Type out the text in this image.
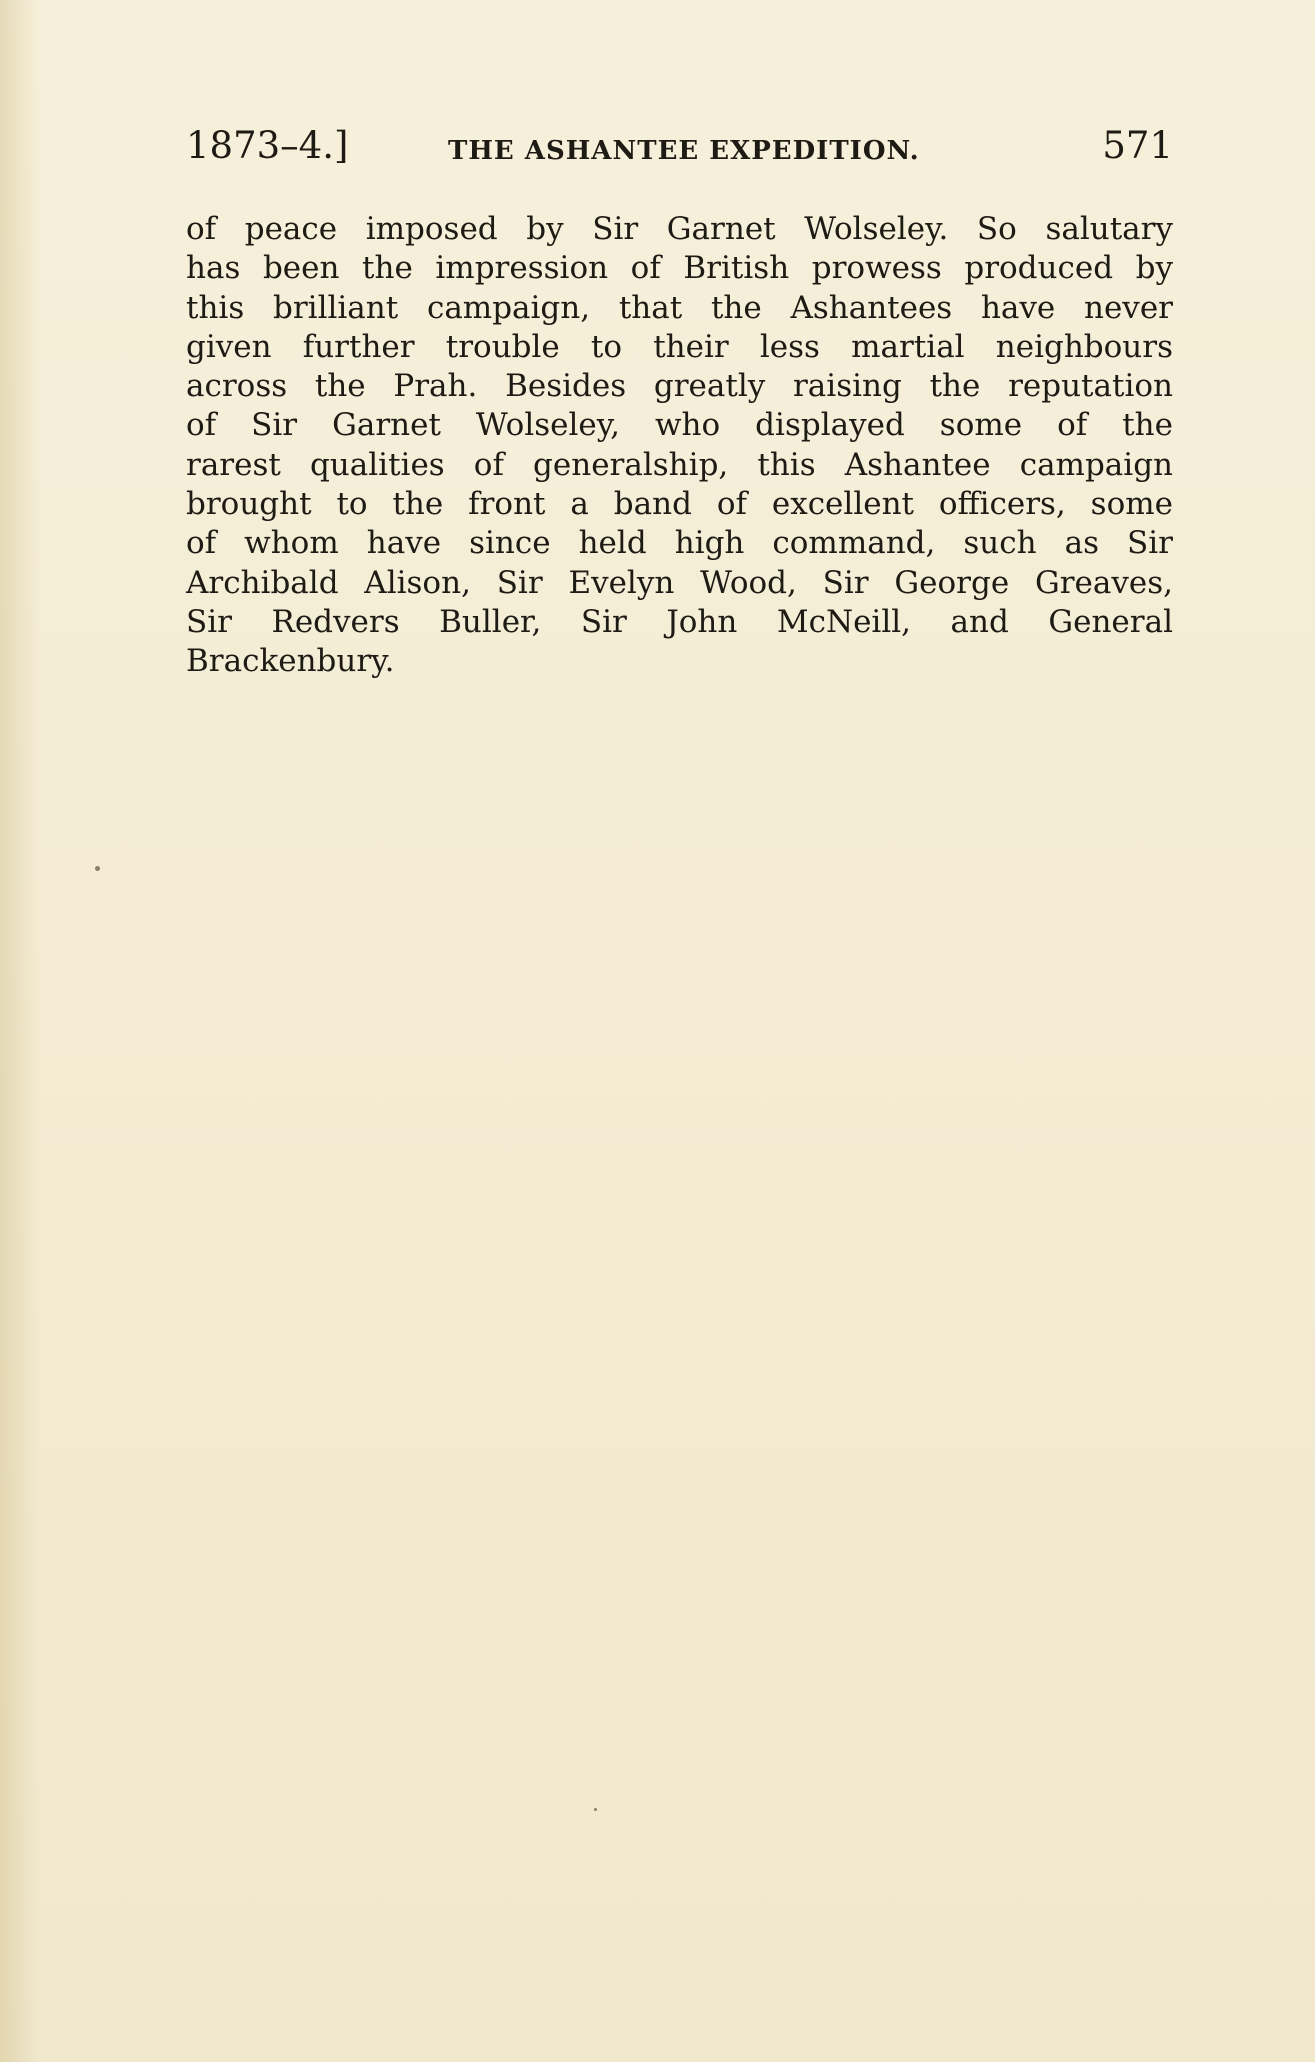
1873–4.]	THE ASHANTEE EXPEDITION.	571
of peace imposed by Sir Garnet Wolseley. So salutary
has been the impression of British prowess produced by
this brilliant campaign, that the Ashantees have never
given further trouble to their less martial neighbours
across the Prah. Besides greatly raising the reputation
of Sir Garnet Wolseley, who displayed some of the
rarest qualities of generalship, this Ashantee campaign
brought to the front a band of excellent officers, some
of whom have since held high command, such as Sir
Archibald Alison, Sir Evelyn Wood, Sir George Greaves,
Sir Redvers Buller, Sir John McNeill, and General
Brackenbury.
